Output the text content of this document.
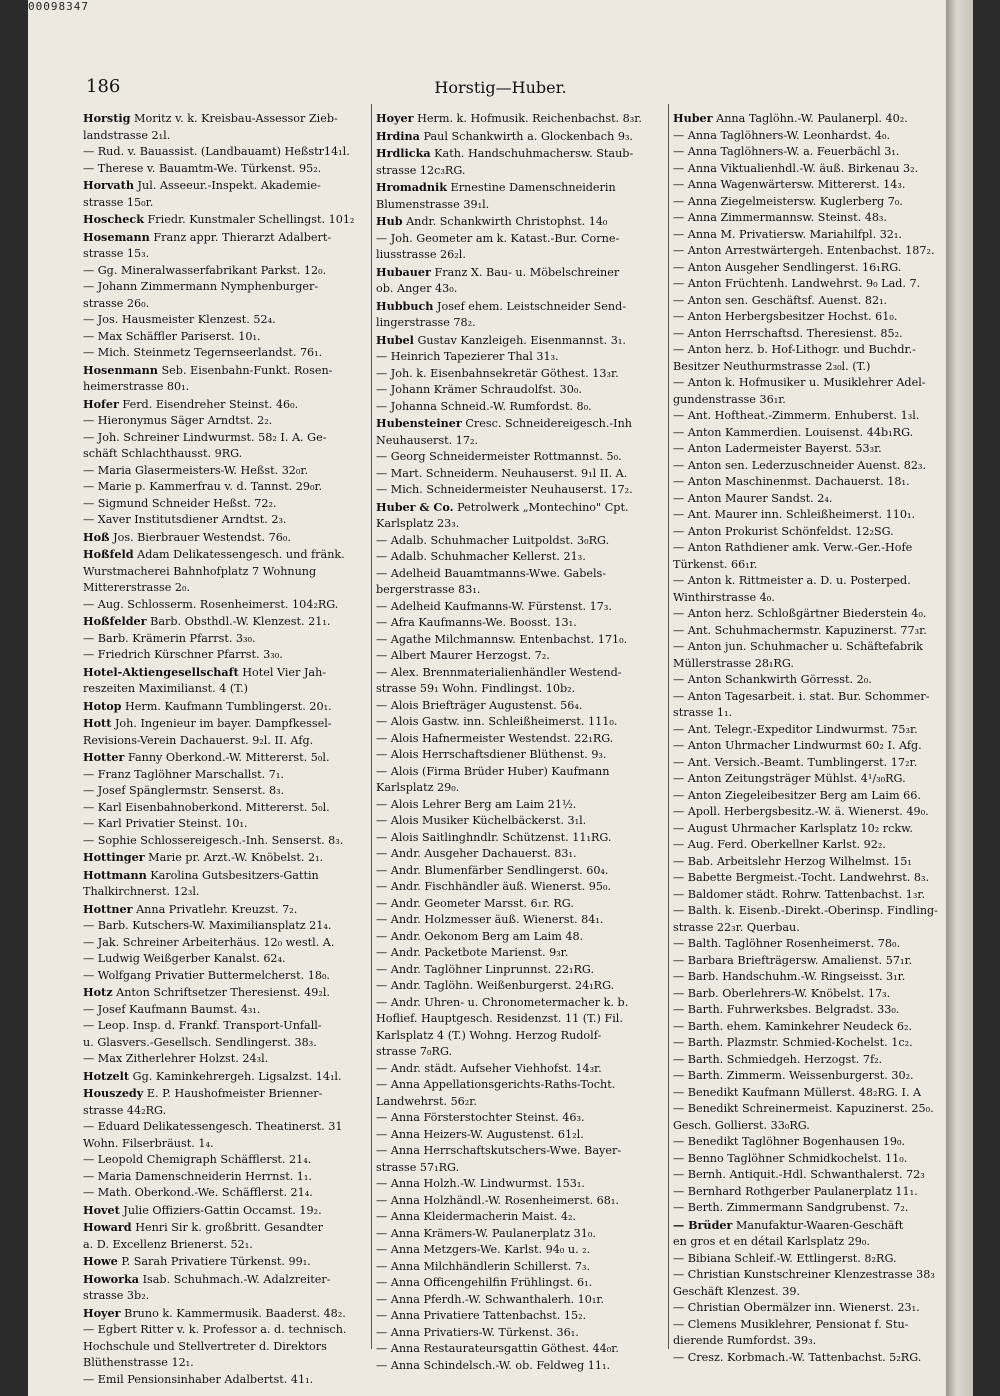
00098347
186	Horstig—Huber.

Horstig Moritz v. k. Kreisbau-Assessor Zieb-

landstrasse 2₁l.

— Rud. v. Bauassist. (Landbauamt) Heßstr14₁l.

— Therese v. Bauamtm-We. Türkenst. 95₂.

Horvath Jul. Asseeur.-Inspekt. Akademie-

strasse 15₀r.

Hoscheck Friedr. Kunstmaler Schellingst. 101₂

Hosemann Franz appr. Thierarzt Adalbert-

strasse 15₃.

— Gg. Mineralwasserfabrikant Parkst. 12₀.

— Johann Zimmermann Nymphenburger-

strasse 26₀.

— Jos. Hausmeister Klenzest. 52₄.

— Max Schäffler Pariserst. 10₁.

— Mich. Steinmetz Tegernseerlandst. 76₁.

Hosenmann Seb. Eisenbahn-Funkt. Rosen-

heimerstrasse 80₁.

Hofer Ferd. Eisendreher Steinst. 46₀.

— Hieronymus Säger Arndtst. 2₂.

— Joh. Schreiner Lindwurmst. 58₂ I. A. Ge-

schäft Schlachthausst. 9RG.

— Maria Glasermeisters-W. Heßst. 32₀r.

— Marie p. Kammerfrau v. d. Tannst. 29₀r.

— Sigmund Schneider Heßst. 72₂.

— Xaver Institutsdiener Arndtst. 2₃.

Hoß Jos. Bierbrauer Westendst. 76₀.

Hoßfeld Adam Delikatessengesch. und fränk.

Wurstmacherei Bahnhofplatz 7 Wohnung

Mittererstrasse 2₀.

— Aug. Schlosserm. Rosenheimerst. 104₂RG.

Hoßfelder Barb. Obsthdl.-W. Klenzest. 21₁.

— Barb. Krämerin Pfarrst. 3₃₀.

— Friedrich Kürschner Pfarrst. 3₃₀.

Hotel-Aktiengesellschaft Hotel Vier Jah-

reszeiten Maximilianst. 4 (T.)

Hotop Herm. Kaufmann Tumblingerst. 20₁.

Hott Joh. Ingenieur im bayer. Dampfkessel-

Revisions-Verein Dachauerst. 9₂l. II. Afg.

Hotter Fanny Oberkond.-W. Mittererst. 5₀l.

— Franz Taglöhner Marschallst. 7₁.

— Josef Spänglermstr. Senserst. 8₃.

— Karl Eisenbahnoberkond. Mittererst. 5₀l.

— Karl Privatier Steinst. 10₁.

— Sophie Schlossereigesch.-Inh. Senserst. 8₃.

Hottinger Marie pr. Arzt.-W. Knöbelst. 2₁.

Hottmann Karolina Gutsbesitzers-Gattin

Thalkirchnerst. 12₃l.

Hottner Anna Privatlehr. Kreuzst. 7₂.

— Barb. Kutschers-W. Maximiliansplatz 21₄.

— Jak. Schreiner Arbeiterhäus. 12₀ westl. A.

— Ludwig Weißgerber Kanalst. 62₄.

— Wolfgang Privatier Buttermelcherst. 18₀.

Hotz Anton Schriftsetzer Theresienst. 49₂l.

— Josef Kaufmann Baumst. 4₃₁.

— Leop. Insp. d. Frankf. Transport-Unfall-

u. Glasvers.-Gesellsch. Sendlingerst. 38₃.

— Max Zitherlehrer Holzst. 24₃l.

Hotzelt Gg. Kaminkehrergeh. Ligsalzst. 14₁l.

Houszedy E. P. Haushofmeister Brienner-

strasse 44₂RG.

— Eduard Delikatessengesch. Theatinerst. 31

Wohn. Filserbräust. 1₄.

— Leopold Chemigraph Schäfflerst. 21₄.

— Maria Damenschneiderin Herrnst. 1₁.

— Math. Oberkond.-We. Schäfflerst. 21₄.

Hovet Julie Offiziers-Gattin Occamst. 19₂.

Howard Henri Sir k. großbritt. Gesandter

a. D. Excellenz Brienerst. 52₁.

Howe P. Sarah Privatiere Türkenst. 99₁.

Howorka Isab. Schuhmach.-W. Adalzreiter-

strasse 3b₂.

Hoyer Bruno k. Kammermusik. Baaderst. 48₂.

— Egbert Ritter v. k. Professor a. d. technisch.

Hochschule und Stellvertreter d. Direktors

Blüthenstrasse 12₁.

— Emil Pensionsinhaber Adalbertst. 41₁.

Hoyer Herm. k. Hofmusik. Reichenbachst. 8₃r.

Hrdina Paul Schankwirth a. Glockenbach 9₃.

Hrdlicka Kath. Handschuhmachersw. Staub-

strasse 12c₃RG.

Hromadnik Ernestine Damenschneiderin

Blumenstrasse 39₁l.

Hub Andr. Schankwirth Christophst. 14₀

— Joh. Geometer am k. Katast.-Bur. Corne-

liusstrasse 26₂l.

Hubauer Franz X. Bau- u. Möbelschreiner

ob. Anger 43₀.

Hubbuch Josef ehem. Leistschneider Send-

lingerstrasse 78₂.

Hubel Gustav Kanzleigeh. Eisenmannst. 3₁.

— Heinrich Tapezierer Thal 31₃.

— Joh. k. Eisenbahnsekretär Göthest. 13₃r.

— Johann Krämer Schraudolfst. 30₀.

— Johanna Schneid.-W. Rumfordst. 8₀.

Hubensteiner Cresc. Schneidereigesch.-Inh

Neuhauserst. 17₂.

— Georg Schneidermeister Rottmannst. 5₀.

— Mart. Schneiderm. Neuhauserst. 9₁l II. A.

— Mich. Schneidermeister Neuhauserst. 17₂.

Huber & Co. Petrolwerk „Montechino" Cpt.

Karlsplatz 23₃.

— Adalb. Schuhmacher Luitpoldst. 3₀RG.

— Adalb. Schuhmacher Kellerst. 21₃.

— Adelheid Bauamtmanns-Wwe. Gabels-

bergerstrasse 83₁.

— Adelheid Kaufmanns-W. Fürstenst. 17₃.

— Afra Kaufmanns-We. Boosst. 13₁.

— Agathe Milchmannsw. Entenbachst. 171₀.

— Albert Maurer Herzogst. 7₂.

— Alex. Brennmaterialienhändler Westend-

strasse 59₁ Wohn. Findlingst. 10b₂.

— Alois Briefträger Augustenst. 56₄.

— Alois Gastw. inn. Schleißheimerst. 111₀.

— Alois Hafnermeister Westendst. 22₁RG.

— Alois Herrschaftsdiener Blüthenst. 9₃.

— Alois (Firma Brüder Huber) Kaufmann

Karlsplatz 29₀.

— Alois Lehrer Berg am Laim 21½.

— Alois Musiker Küchelbäckerst. 3₁l.

— Alois Saitlinghndlr. Schützenst. 11₁RG.

— Andr. Ausgeher Dachauerst. 83₁.

— Andr. Blumenfärber Sendlingerst. 60₄.

— Andr. Fischhändler äuß. Wienerst. 95₀.

— Andr. Geometer Marsst. 6₁r. RG.

— Andr. Holzmesser äuß. Wienerst. 84₁.

— Andr. Oekonom Berg am Laim 48.

— Andr. Packetbote Marienst. 9₃r.

— Andr. Taglöhner Linprunnst. 22₁RG.

— Andr. Taglöhn. Weißenburgerst. 24₁RG.

— Andr. Uhren- u. Chronometermacher k. b.

Hoflief. Hauptgesch. Residenzst. 11 (T.) Fil.

Karlsplatz 4 (T.) Wohng. Herzog Rudolf-

strasse 7₀RG.

— Andr. städt. Aufseher Viehhofst. 14₃r.

— Anna Appellationsgerichts-Raths-Tocht.

Landwehrst. 56₂r.

— Anna Försterstochter Steinst. 46₃.

— Anna Heizers-W. Augustenst. 61₂l.

— Anna Herrschaftskutschers-Wwe. Bayer-

strasse 57₁RG.

— Anna Holzh.-W. Lindwurmst. 153₁.

— Anna Holzhändl.-W. Rosenheimerst. 68₁.

— Anna Kleidermacherin Maist. 4₂.

— Anna Krämers-W. Paulanerplatz 31₀.

— Anna Metzgers-We. Karlst. 94₀ u. ₂.

— Anna Milchhändlerin Schillerst. 7₃.

— Anna Officengehilfin Frühlingst. 6₁.

— Anna Pferdh.-W. Schwanthalerh. 10₁r.

— Anna Privatiere Tattenbachst. 15₂.

— Anna Privatiers-W. Türkenst. 36₁.

— Anna Restaurateursgattin Göthest. 44₀r.

— Anna Schindelsch.-W. ob. Feldweg 11₁.

Huber Anna Taglöhn.-W. Paulanerpl. 40₂.

— Anna Taglöhners-W. Leonhardst. 4₀.

— Anna Taglöhners-W. a. Feuerbächl 3₁.

— Anna Viktualienhdl.-W. äuß. Birkenau 3₂.

— Anna Wagenwärtersw. Mittererst. 14₃.

— Anna Ziegelmeistersw. Kuglerberg 7₀.

— Anna Zimmermannsw. Steinst. 48₃.

— Anna M. Privatiersw. Mariahilfpl. 32₁.

— Anton Arrestwärtergeh. Entenbachst. 187₂.

— Anton Ausgeher Sendlingerst. 16₁RG.

— Anton Früchtenh. Landwehrst. 9₀ Lad. 7.

— Anton sen. Geschäftsf. Auenst. 82₁.

— Anton Herbergsbesitzer Hochst. 61₀.

— Anton Herrschaftsd. Theresienst. 85₂.

— Anton herz. b. Hof-Lithogr. und Buchdr.-

Besitzer Neuthurmstrasse 2₃₀l. (T.)

— Anton k. Hofmusiker u. Musiklehrer Adel-

gundenstrasse 36₁r.

— Ant. Hoftheat.-Zimmerm. Enhuberst. 1₃l.

— Anton Kammerdien. Louisenst. 44b₁RG.

— Anton Ladermeister Bayerst. 53₃r.

— Anton sen. Lederzuschneider Auenst. 82₃.

— Anton Maschinenmst. Dachauerst. 18₁.

— Anton Maurer Sandst. 2₄.

— Ant. Maurer inn. Schleißheimerst. 110₁.

— Anton Prokurist Schönfeldst. 12₂SG.

— Anton Rathdiener amk. Verw.-Ger.-Hofe

Türkenst. 66₁r.

— Anton k. Rittmeister a. D. u. Posterped.

Winthirstrasse 4₀.

— Anton herz. Schloßgärtner Biederstein 4₀.

— Ant. Schuhmachermstr. Kapuzinerst. 77₃r.

— Anton jun. Schuhmacher u. Schäftefabrik

Müllerstrasse 28₁RG.

— Anton Schankwirth Görresst. 2₀.

— Anton Tagesarbeit. i. stat. Bur. Schommer-

strasse 1₁.

— Ant. Telegr.-Expeditor Lindwurmst. 75₃r.

— Anton Uhrmacher Lindwurmst 60₂ I. Afg.

— Ant. Versich.-Beamt. Tumblingerst. 17₂r.

— Anton Zeitungsträger Mühlst. 4¹/₃₀RG.

— Anton Ziegeleibesitzer Berg am Laim 66.

— Apoll. Herbergsbesitz.-W. ä. Wienerst. 49₀.

— August Uhrmacher Karlsplatz 10₂ rckw.

— Aug. Ferd. Oberkellner Karlst. 92₂.

— Bab. Arbeitslehr Herzog Wilhelmst. 15₁

— Babette Bergmeist.-Tocht. Landwehrst. 8₃.

— Baldomer städt. Rohrw. Tattenbachst. 1₃r.

— Balth. k. Eisenb.-Direkt.-Oberinsp. Findling-

strasse 22₃r. Querbau.

— Balth. Taglöhner Rosenheimerst. 78₀.

— Barbara Briefträgersw. Amalienst. 57₁r.

— Barb. Handschuhm.-W. Ringseisst. 3₁r.

— Barb. Oberlehrers-W. Knöbelst. 17₃.

— Barth. Fuhrwerksbes. Belgradst. 33₀.

— Barth. ehem. Kaminkehrer Neudeck 6₂.

— Barth. Plazmstr. Schmied-Kochelst. 1c₂.

— Barth. Schmiedgeh. Herzogst. 7f₂.

— Barth. Zimmerm. Weissenburgerst. 30₂.

— Benedikt Kaufmann Müllerst. 48₂RG. I. A

— Benedikt Schreinermeist. Kapuzinerst. 25₀.

Gesch. Gollierst. 33₀RG.

— Benedikt Taglöhner Bogenhausen 19₀.

— Benno Taglöhner Schmidkochelst. 11₀.

— Bernh. Antiquit.-Hdl. Schwanthalerst. 72₃

— Bernhard Rothgerber Paulanerplatz 11₁.

— Berth. Zimmermann Sandgrubenst. 7₂.

— Brüder Manufaktur-Waaren-Geschäft

en gros et en détail Karlsplatz 29₀.

— Bibiana Schleif.-W. Ettlingerst. 8₂RG.

— Christian Kunstschreiner Klenzestrasse 38₃

Geschäft Klenzest. 39.

— Christian Obermälzer inn. Wienerst. 23₁.

— Clemens Musiklehrer, Pensionat f. Stu-

dierende Rumfordst. 39₃.

— Cresz. Korbmach.-W. Tattenbachst. 5₂RG.
